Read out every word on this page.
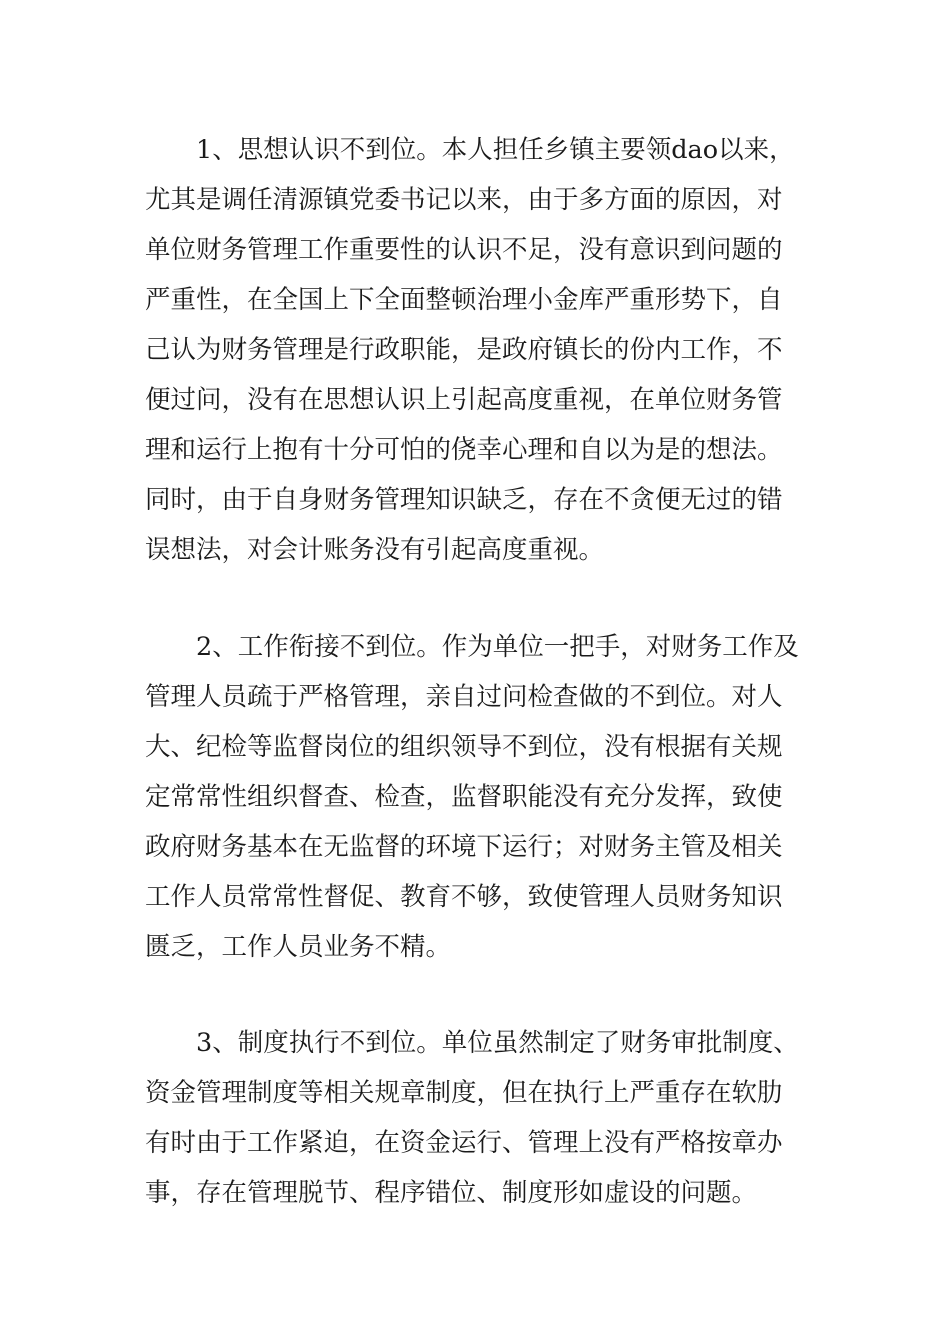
1、思想认识不到位。本人担任乡镇主要领dao以来，
尤其是调任清源镇党委书记以来，由于多方面的原因，对
单位财务管理工作重要性的认识不足，没有意识到问题的
严重性，在全国上下全面整顿治理小金库严重形势下，自
己认为财务管理是行政职能，是政府镇长的份内工作，不
便过问，没有在思想认识上引起高度重视，在单位财务管
理和运行上抱有十分可怕的侥幸心理和自以为是的想法。
同时，由于自身财务管理知识缺乏，存在不贪便无过的错
误想法，对会计账务没有引起高度重视。
2、工作衔接不到位。作为单位一把手，对财务工作及
管理人员疏于严格管理，亲自过问检查做的不到位。对人
大、纪检等监督岗位的组织领导不到位，没有根据有关规
定常常性组织督查、检查，监督职能没有充分发挥，致使
政府财务基本在无监督的环境下运行；对财务主管及相关
工作人员常常性督促、教育不够，致使管理人员财务知识
匮乏，工作人员业务不精。
3、制度执行不到位。单位虽然制定了财务审批制度、
资金管理制度等相关规章制度，但在执行上严重存在软肋
有时由于工作紧迫，在资金运行、管理上没有严格按章办
事，存在管理脱节、程序错位、制度形如虚设的问题。
